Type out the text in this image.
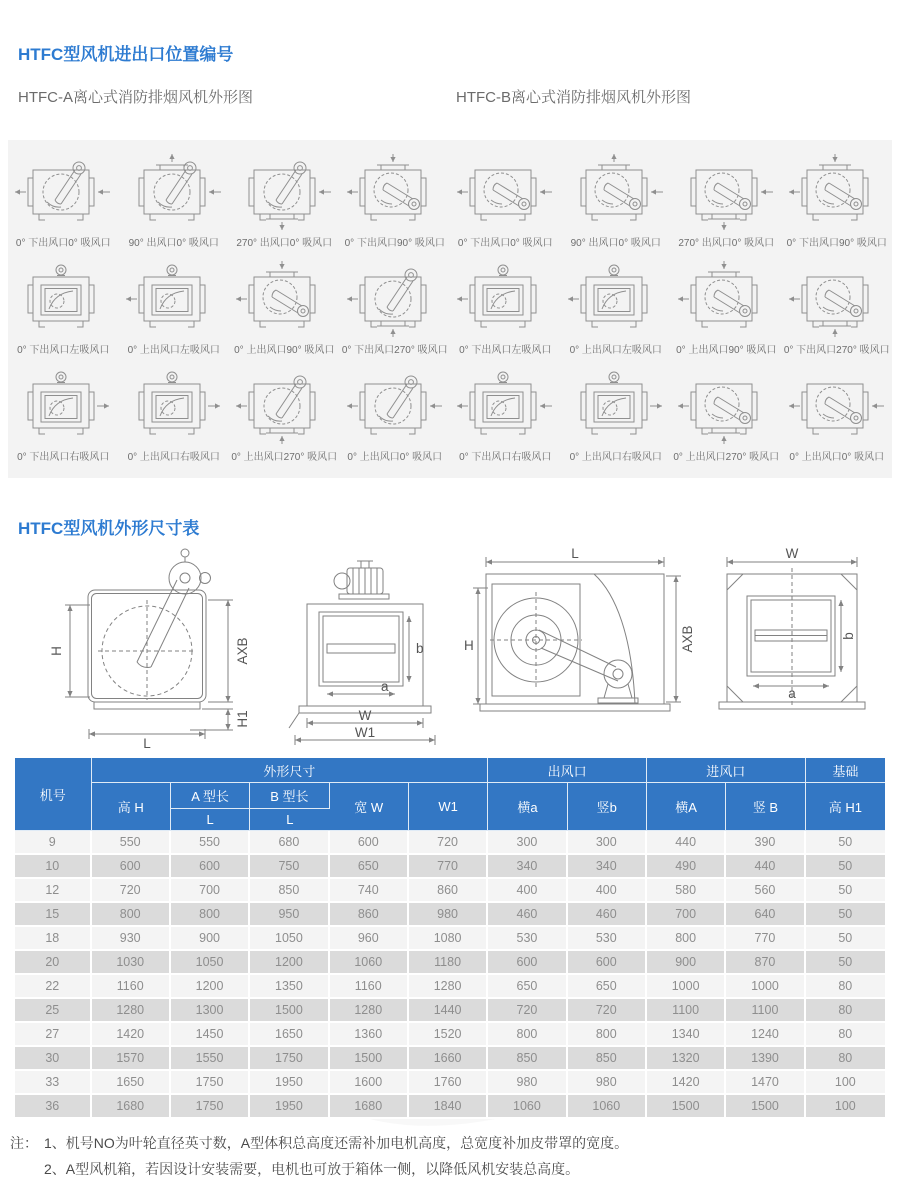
HTFC型风机进出口位置编号
HTFC-A离心式消防排烟风机外形图	HTFC-B离心式消防排烟风机外形图
0° 下出风口0° 吸风口 90° 出风口0° 吸风口 270° 出风口0° 吸风口 0° 下出风口90° 吸风口
0° 下出风口左吸风口 0° 上出风口左吸风口 0° 上出风口90° 吸风口 0° 下出风口270° 吸风口
0° 下出风口右吸风口 0° 上出风口右吸风口 0° 上出风口270° 吸风口 0° 上出风口0° 吸风口
0° 下出风口0° 吸风口 90° 出风口0° 吸风口 270° 出风口0° 吸风口 0° 下出风口90° 吸风口
0° 下出风口左吸风口 0° 上出风口左吸风口 0° 上出风口90° 吸风口 0° 下出风口270° 吸风口
0° 下出风口右吸风口 0° 上出风口右吸风口 0° 上出风口270° 吸风口 0° 上出风口0° 吸风口
HTFC型风机外形尺寸表
H	AXB
H1
L
b
a
W
W1
L
H	AXB
W
b
a
机号	外形尺寸					出风口		进风口		基础
	高 H	A 型长	B 型长	宽 W	W1	横a	竖b	横A	竖 B	高 H1
		L	L							
9	550	550	680	600	720	300	300	440	390	50
10	600	600	750	650	770	340	340	490	440	50
12	720	700	850	740	860	400	400	580	560	50
15	800	800	950	860	980	460	460	700	640	50
18	930	900	1050	960	1080	530	530	800	770	50
20	1030	1050	1200	1060	1180	600	600	900	870	50
22	1160	1200	1350	1160	1280	650	650	1000	1000	80
25	1280	1300	1500	1280	1440	720	720	1100	1100	80
27	1420	1450	1650	1360	1520	800	800	1340	1240	80
30	1570	1550	1750	1500	1660	850	850	1320	1390	80
33	1650	1750	1950	1600	1760	980	980	1420	1470	100
36	1680	1750	1950	1680	1840	1060	1060	1500	1500	100
注： 1、机号NO为叶轮直径英寸数，A型体积总高度还需补加电机高度，总宽度补加皮带罩的宽度。
2、A型风机箱，若因设计安装需要，电机也可放于箱体一侧，以降低风机安装总高度。
